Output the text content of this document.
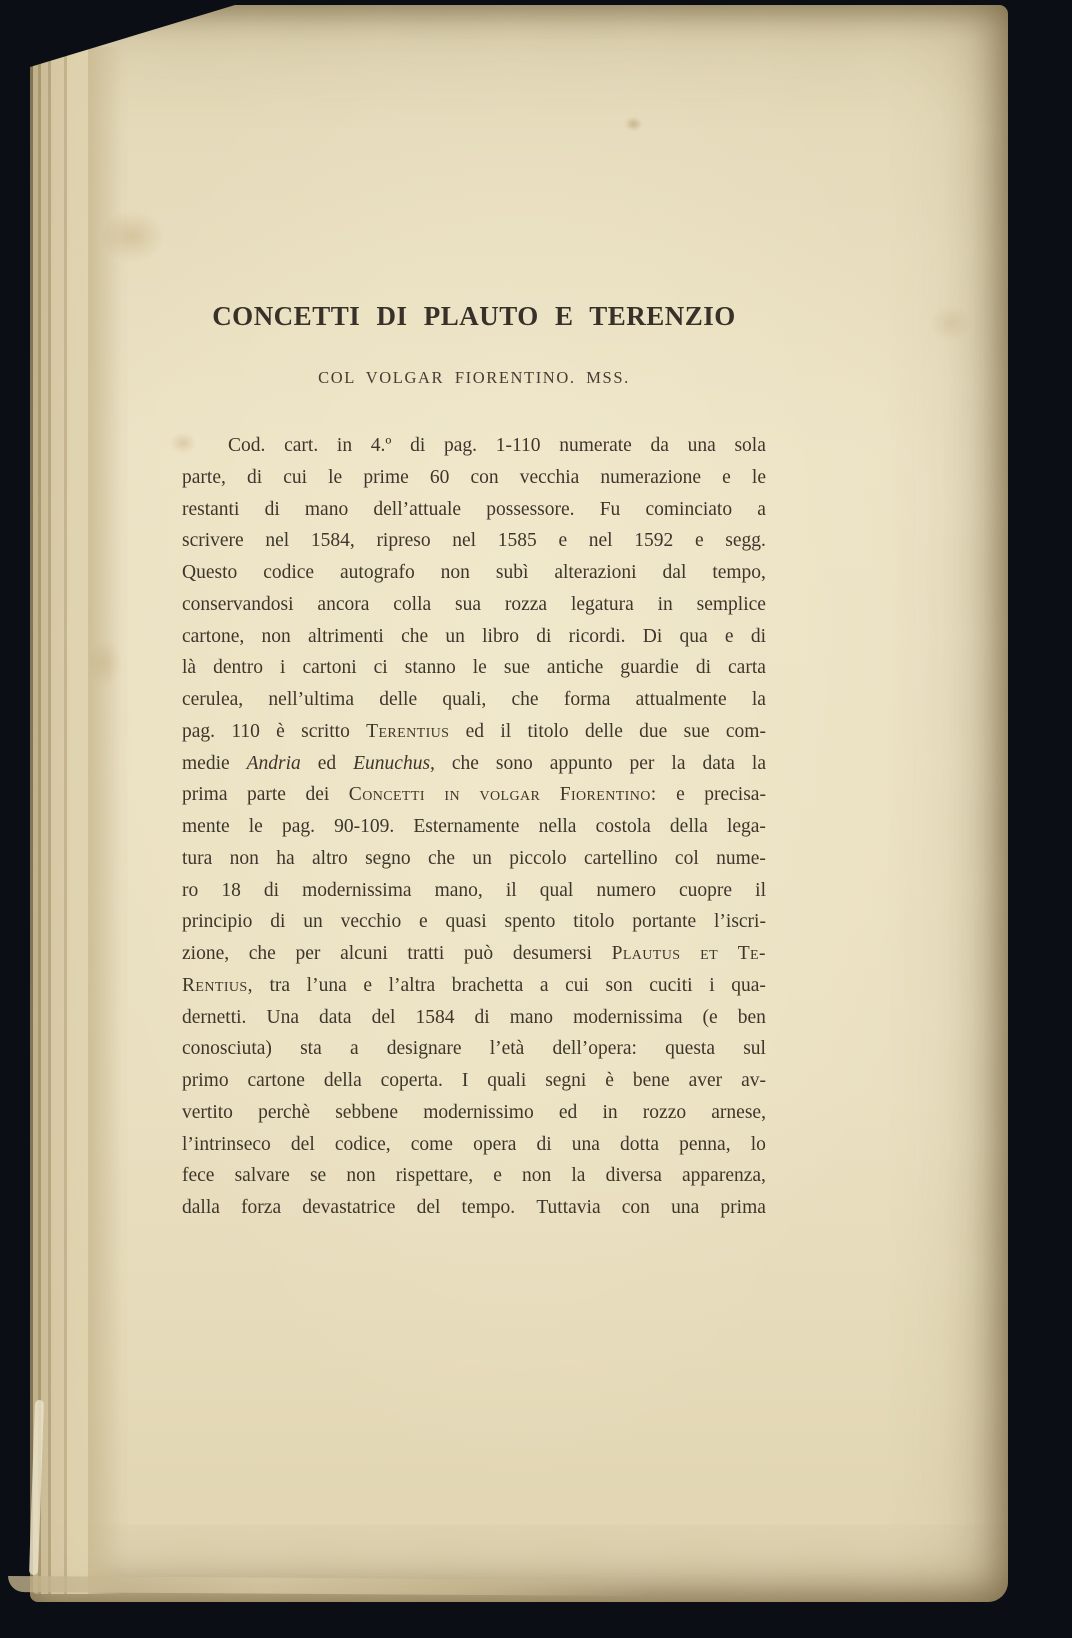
CONCETTI DI PLAUTO E TERENZIO
COL VOLGAR FIORENTINO. MSS.
Cod. cart. in 4.º di pag. 1-110 numerate da una sola
parte, di cui le prime 60 con vecchia numerazione e le
restanti di mano dell’attuale possessore. Fu cominciato a
scrivere nel 1584, ripreso nel 1585 e nel 1592 e segg.
Questo codice autografo non subì alterazioni dal tempo,
conservandosi ancora colla sua rozza legatura in semplice
cartone, non altrimenti che un libro di ricordi. Di qua e di
là dentro i cartoni ci stanno le sue antiche guardie di carta
cerulea, nell’ultima delle quali, che forma attualmente la
pag. 110 è scritto Terentius ed il titolo delle due sue com-
medie Andria ed Eunuchus, che sono appunto per la data la
prima parte dei Concetti in volgar Fiorentino: e precisa-
mente le pag. 90-109. Esternamente nella costola della lega-
tura non ha altro segno che un piccolo cartellino col nume-
ro 18 di modernissima mano, il qual numero cuopre il
principio di un vecchio e quasi spento titolo portante l’iscri-
zione, che per alcuni tratti può desumersi Plautus et Te-
Rentius, tra l’una e l’altra brachetta a cui son cuciti i qua-
dernetti. Una data del 1584 di mano modernissima (e ben
conosciuta) sta a designare l’età dell’opera: questa sul
primo cartone della coperta. I quali segni è bene aver av-
vertito perchè sebbene modernissimo ed in rozzo arnese,
l’intrinseco del codice, come opera di una dotta penna, lo
fece salvare se non rispettare, e non la diversa apparenza,
dalla forza devastatrice del tempo. Tuttavia con una prima
